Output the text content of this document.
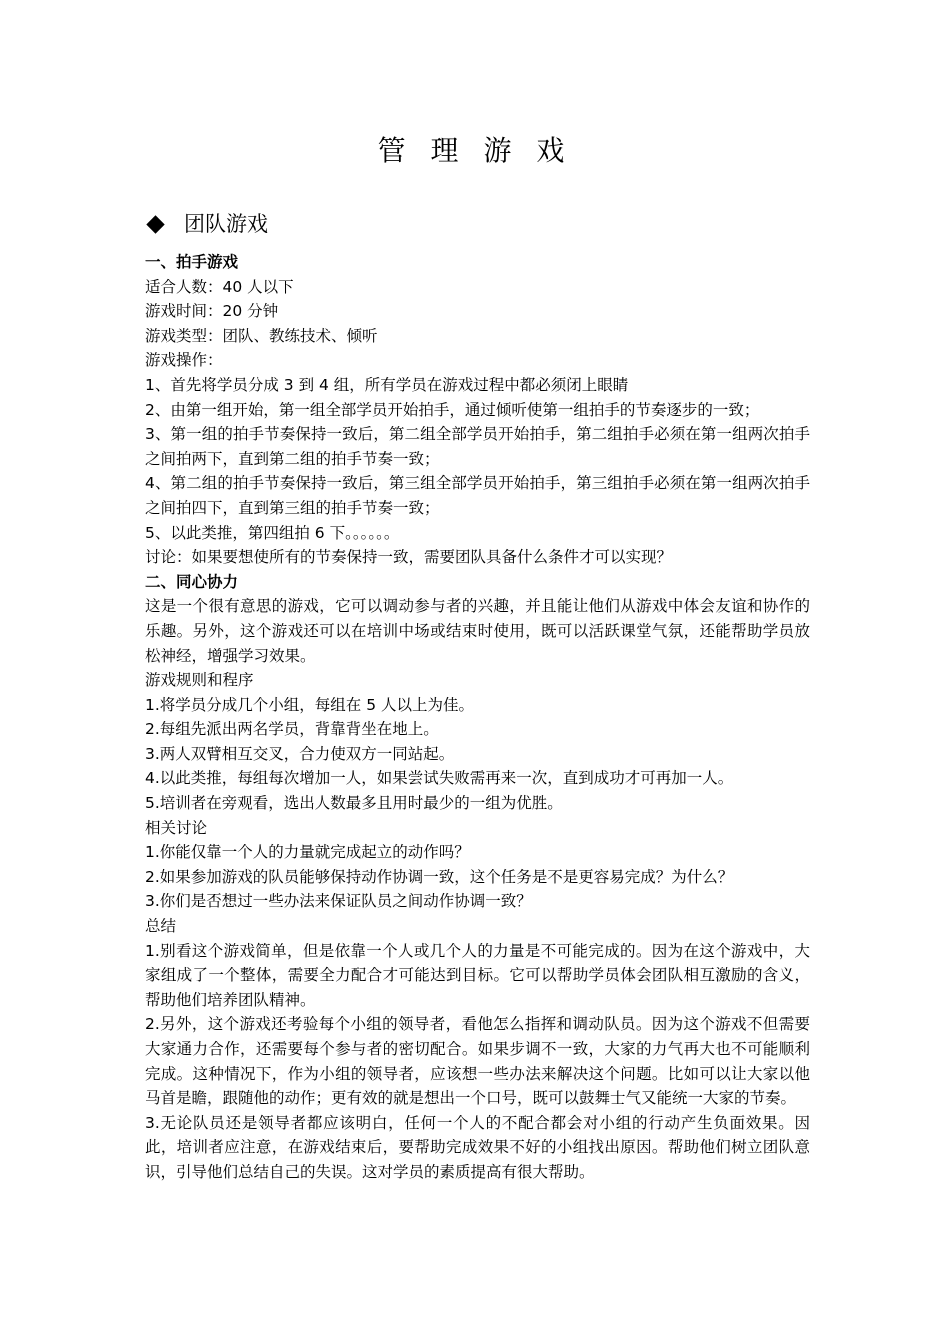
管 理 游 戏
团队游戏

一、拍手游戏

适合人数：40 人以下

游戏时间：20 分钟

游戏类型：团队、教练技术、倾听

游戏操作：

1、首先将学员分成 3 到 4 组，所有学员在游戏过程中都必须闭上眼睛

2、由第一组开始，第一组全部学员开始拍手，通过倾听使第一组拍手的节奏逐步的一致；

3、第一组的拍手节奏保持一致后，第二组全部学员开始拍手，第二组拍手必须在第一组两次拍手之间拍两下，直到第二组的拍手节奏一致；

4、第二组的拍手节奏保持一致后，第三组全部学员开始拍手，第三组拍手必须在第一组两次拍手之间拍四下，直到第三组的拍手节奏一致；

5、以此类推，第四组拍 6 下。。。。。。

讨论：如果要想使所有的节奏保持一致，需要团队具备什么条件才可以实现？

二、同心协力

这是一个很有意思的游戏，它可以调动参与者的兴趣，并且能让他们从游戏中体会友谊和协作的乐趣。另外，这个游戏还可以在培训中场或结束时使用，既可以活跃课堂气氛，还能帮助学员放松神经，增强学习效果。

游戏规则和程序

1.将学员分成几个小组，每组在 5 人以上为佳。

2.每组先派出两名学员，背靠背坐在地上。

3.两人双臂相互交叉，合力使双方一同站起。

4.以此类推，每组每次增加一人，如果尝试失败需再来一次，直到成功才可再加一人。

5.培训者在旁观看，选出人数最多且用时最少的一组为优胜。

相关讨论

1.你能仅靠一个人的力量就完成起立的动作吗？

2.如果参加游戏的队员能够保持动作协调一致，这个任务是不是更容易完成？为什么？

3.你们是否想过一些办法来保证队员之间动作协调一致？

总结

1.别看这个游戏简单，但是依靠一个人或几个人的力量是不可能完成的。因为在这个游戏中，大家组成了一个整体，需要全力配合才可能达到目标。它可以帮助学员体会团队相互激励的含义，帮助他们培养团队精神。

2.另外，这个游戏还考验每个小组的领导者，看他怎么指挥和调动队员。因为这个游戏不但需要大家通力合作，还需要每个参与者的密切配合。如果步调不一致，大家的力气再大也不可能顺利完成。这种情况下，作为小组的领导者，应该想一些办法来解决这个问题。比如可以让大家以他马首是瞻，跟随他的动作；更有效的就是想出一个口号，既可以鼓舞士气又能统一大家的节奏。

3.无论队员还是领导者都应该明白，任何一个人的不配合都会对小组的行动产生负面效果。因此，培训者应注意，在游戏结束后，要帮助完成效果不好的小组找出原因。帮助他们树立团队意识，引导他们总结自己的失误。这对学员的素质提高有很大帮助。
